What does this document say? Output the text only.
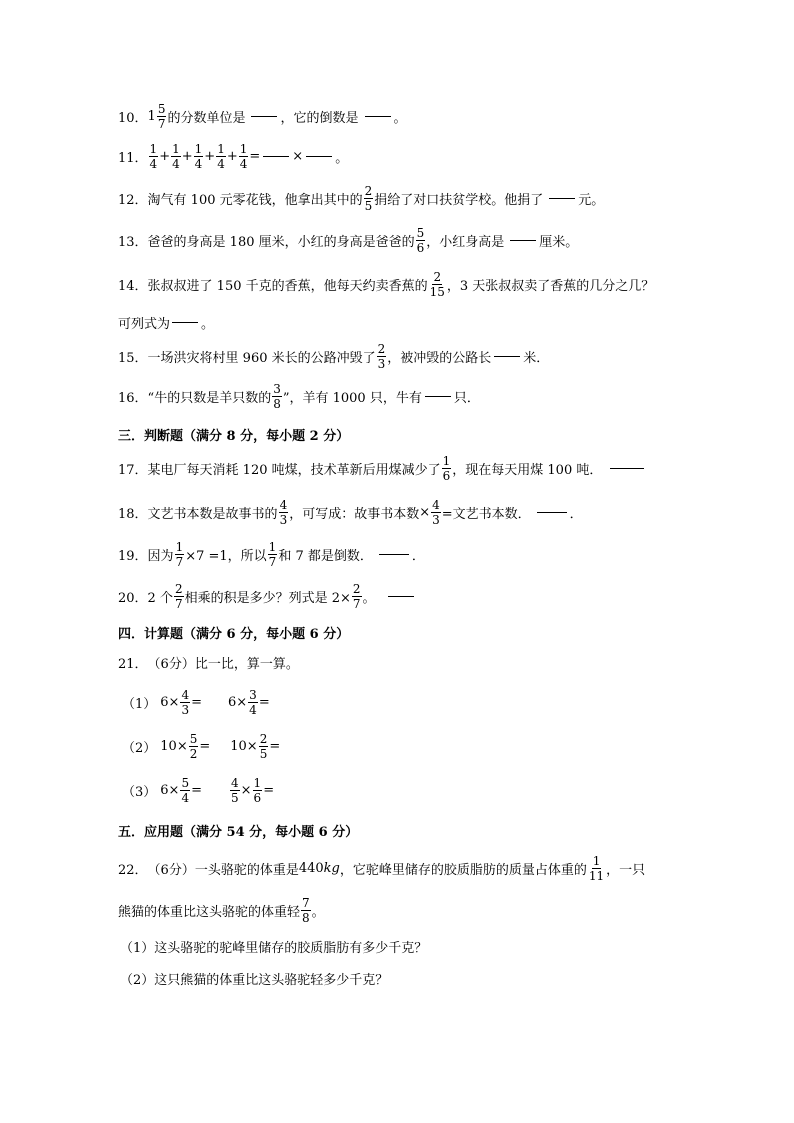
10． $1 \frac{5}{7}$ 的分数单位是	，它的倒数是	。
11． $\frac{1}{4} + \frac{1}{4} + \frac{1}{4} + \frac{1}{4} + \frac{1}{4}$ = × 。
12． 淘气有 100 元零花钱，他拿出其中的 $\frac{2}{5}$ 捐给了对口扶贫学校。他捐了	元。
13． 爸爸的身高是 180 厘米，小红的身高是爸爸的 $\frac{5}{6}$ ，小红身高是	厘米。
14． 张叔叔进了 150 千克的香蕉，他每天约卖香蕉的 $\frac{2}{15}$ ，3 天张叔叔卖了香蕉的几分之几？
可列式为 。
15． 一场洪灾将村里 960 米长的公路冲毁了 $\frac{2}{3}$ ，被冲毁的公路长 米．
16． “牛的只数是羊只数的 $\frac{3}{8}$ ”，羊有 1000 只，牛有 只．
三．判断题（满分 8 分，每小题 2 分）
17． 某电厂每天消耗 120 吨煤，技术革新后用煤减少了 $\frac{1}{6}$ ，现在每天用煤 100 吨．
18． 文艺书本数是故事书的 $\frac{4}{3}$ ，可写成：故事书本数 × $\frac{4}{3}$ =文艺书本数．	．
19． 因为 $\frac{1}{7} \times 7 =1$，所以 $\frac{1}{7}$ 和 7 都是倒数．	．
20． 2 个 $\frac{2}{7}$ 相乘的积是多少？列式是 $2\times \frac{2}{7}$ 。
四．计算题（满分 6 分，每小题 6 分）
21． （6分）比一比，算一算。
（1） $6\times \frac{4}{3} = 6\times \frac{3}{4}$ =
（2） $10\times \frac{5}{2} = 10\times \frac{2}{5}$ =
（3） $6\times \frac{5}{4} = \frac{4}{5} \times \frac{1}{6}$ =
五．应用题（满分 54 分，每小题 6 分）
22． （6分）一头骆驼的体重是 440 kg ，它驼峰里储存的胶质脂肪的质量占体重的 $\frac{1}{11}$ ，一只
熊猫的体重比这头骆驼的体重轻 $\frac{7}{8}$ 。
（1）这头骆驼的驼峰里储存的胶质脂肪有多少千克？
（2）这只熊猫的体重比这头骆驼轻多少千克？
